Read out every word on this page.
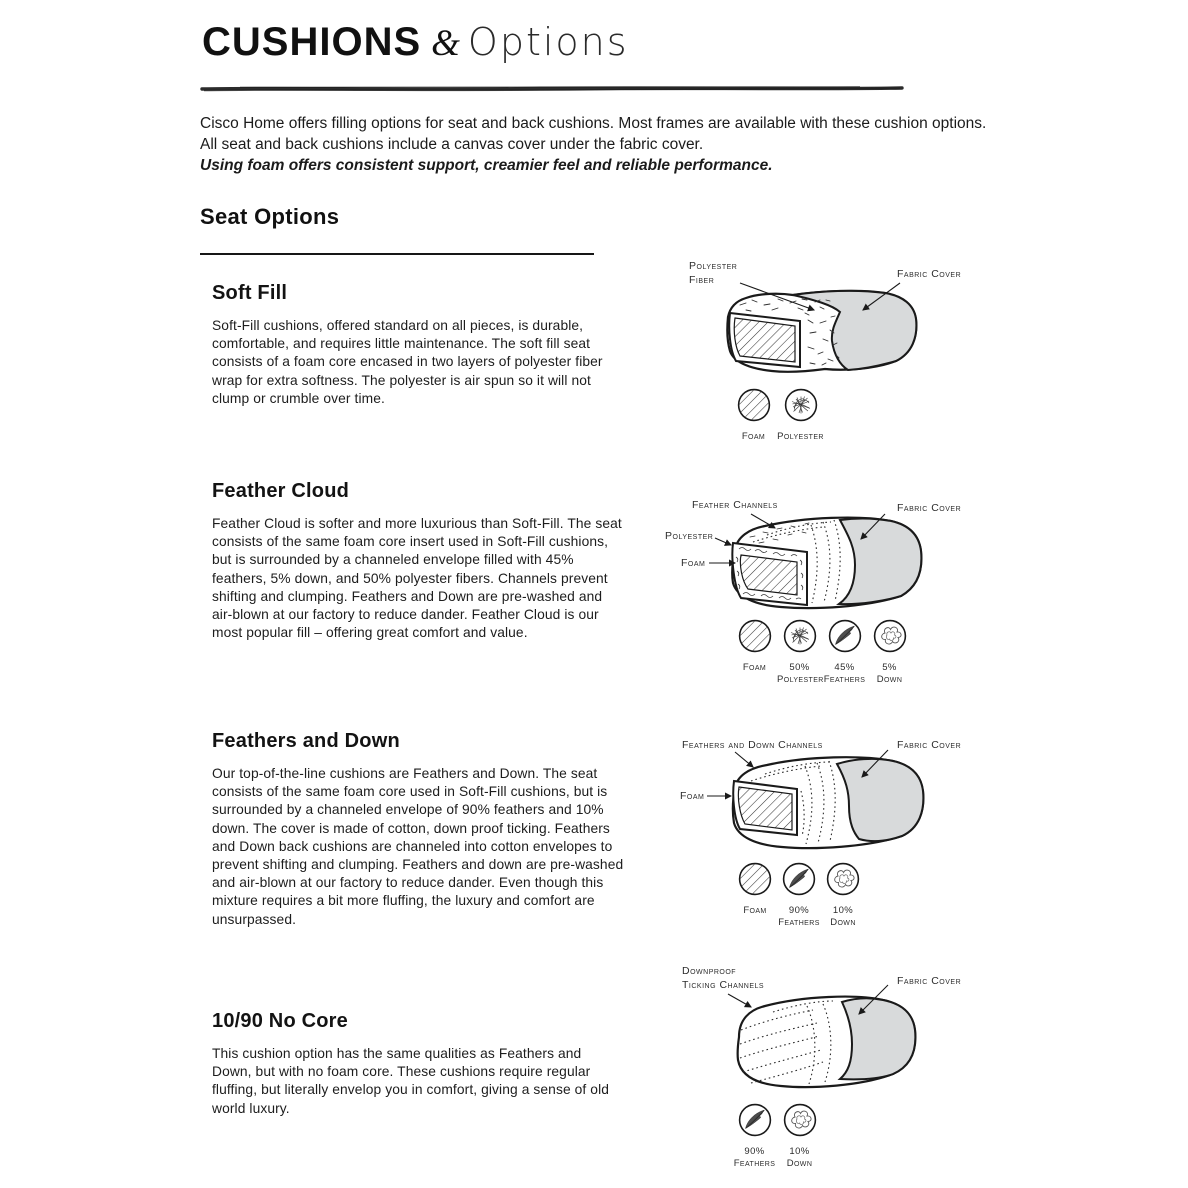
CUSHIONS & Options
Cisco Home offers filling options for seat and back cushions. Most frames are available with these cushion options. All seat and back cushions include a canvas cover under the fabric cover.
Using foam offers consistent support, creamier feel and reliable performance.
Seat Options
Soft Fill
Soft-Fill cushions, offered standard on all pieces, is durable, comfortable, and requires little maintenance. The soft fill seat consists of a foam core encased in two layers of polyester fiber wrap for extra softness. The polyester is air spun so it will not clump or crumble over time.
Polyester
Fiber	Fabric Cover
Foam	Polyester
Feather Cloud
Feather Cloud is softer and more luxurious than Soft-Fill. The seat consists of the same foam core insert used in Soft-Fill cushions, but is surrounded by a channeled envelope filled with 45% feathers, 5% down, and 50% polyester fibers. Channels prevent shifting and clumping. Feathers and Down are pre-washed and air-blown at our factory to reduce dander. Feather Cloud is our most popular fill – offering great comfort and value.
Feather Channels
Polyester
Foam
Fabric Cover
Foam	50%
Polyester
45%
Feathers
5%
Down
Feathers and Down
Our top-of-the-line cushions are Feathers and Down. The seat consists of the same foam core used in Soft-Fill cushions, but is surrounded by a channeled envelope of 90% feathers and 10% down. The cover is made of cotton, down proof ticking. Feathers and Down back cushions are channeled into cotton envelopes to prevent shifting and clumping. Feathers and down are pre-washed and air-blown at our factory to reduce dander. Even though this mixture requires a bit more fluffing, the luxury and comfort are unsurpassed.
Feathers and Down Channels
Foam
Fabric Cover
Foam	90%
Feathers
10%
Down
10/90 No Core
This cushion option has the same qualities as Feathers and Down, but with no foam core. These cushions require regular fluffing, but literally envelop you in comfort, giving a sense of old world luxury.
Downproof
Ticking Channels	Fabric Cover
90%
Feathers
10%
Down
